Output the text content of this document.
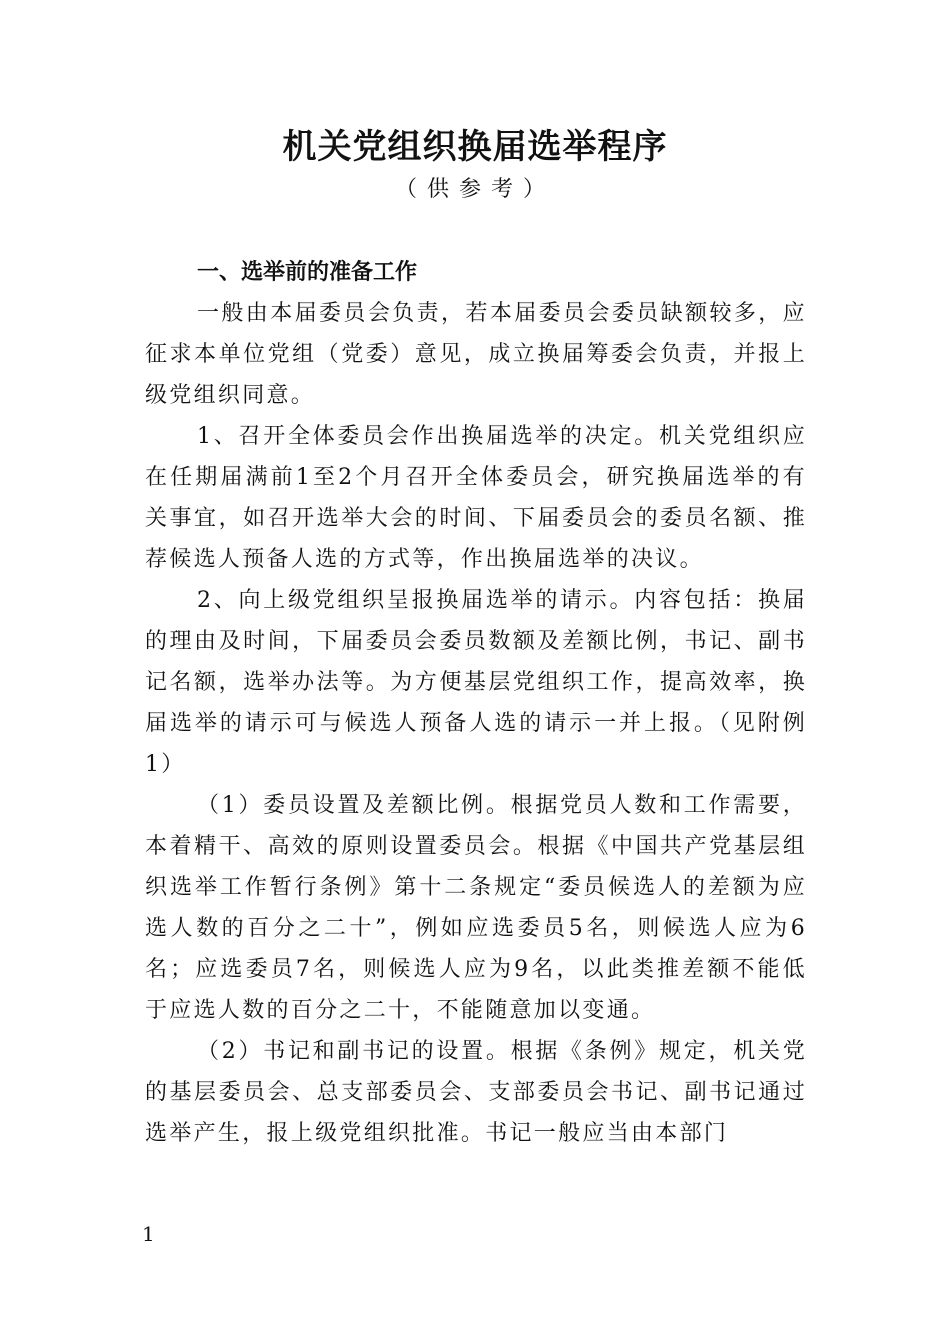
机关党组织换届选举程序
（供参考）

一、选举前的准备工作

一般由本届委员会负责，若本届委员会委员缺额较多，应征求本单位党组（党委）意见，成立换届筹委会负责，并报上级党组织同意。

1、召开全体委员会作出换届选举的决定。机关党组织应在任期届满前1至2个月召开全体委员会，研究换届选举的有关事宜，如召开选举大会的时间、下届委员会的委员名额、推荐候选人预备人选的方式等，作出换届选举的决议。

2、向上级党组织呈报换届选举的请示。内容包括：换届的理由及时间，下届委员会委员数额及差额比例，书记、副书记名额，选举办法等。为方便基层党组织工作，提高效率，换届选举的请示可与候选人预备人选的请示一并上报。（见附例1）

（1）委员设置及差额比例。根据党员人数和工作需要，本着精干、高效的原则设置委员会。根据《中国共产党基层组织选举工作暂行条例》第十二条规定“委员候选人的差额为应选人数的百分之二十”，例如应选委员5名，则候选人应为6名；应选委员7名，则候选人应为9名，以此类推差额不能低于应选人数的百分之二十，不能随意加以变通。

（2）书记和副书记的设置。根据《条例》规定，机关党的基层委员会、总支部委员会、支部委员会书记、副书记通过选举产生，报上级党组织批准。书记一般应当由本部门

1
